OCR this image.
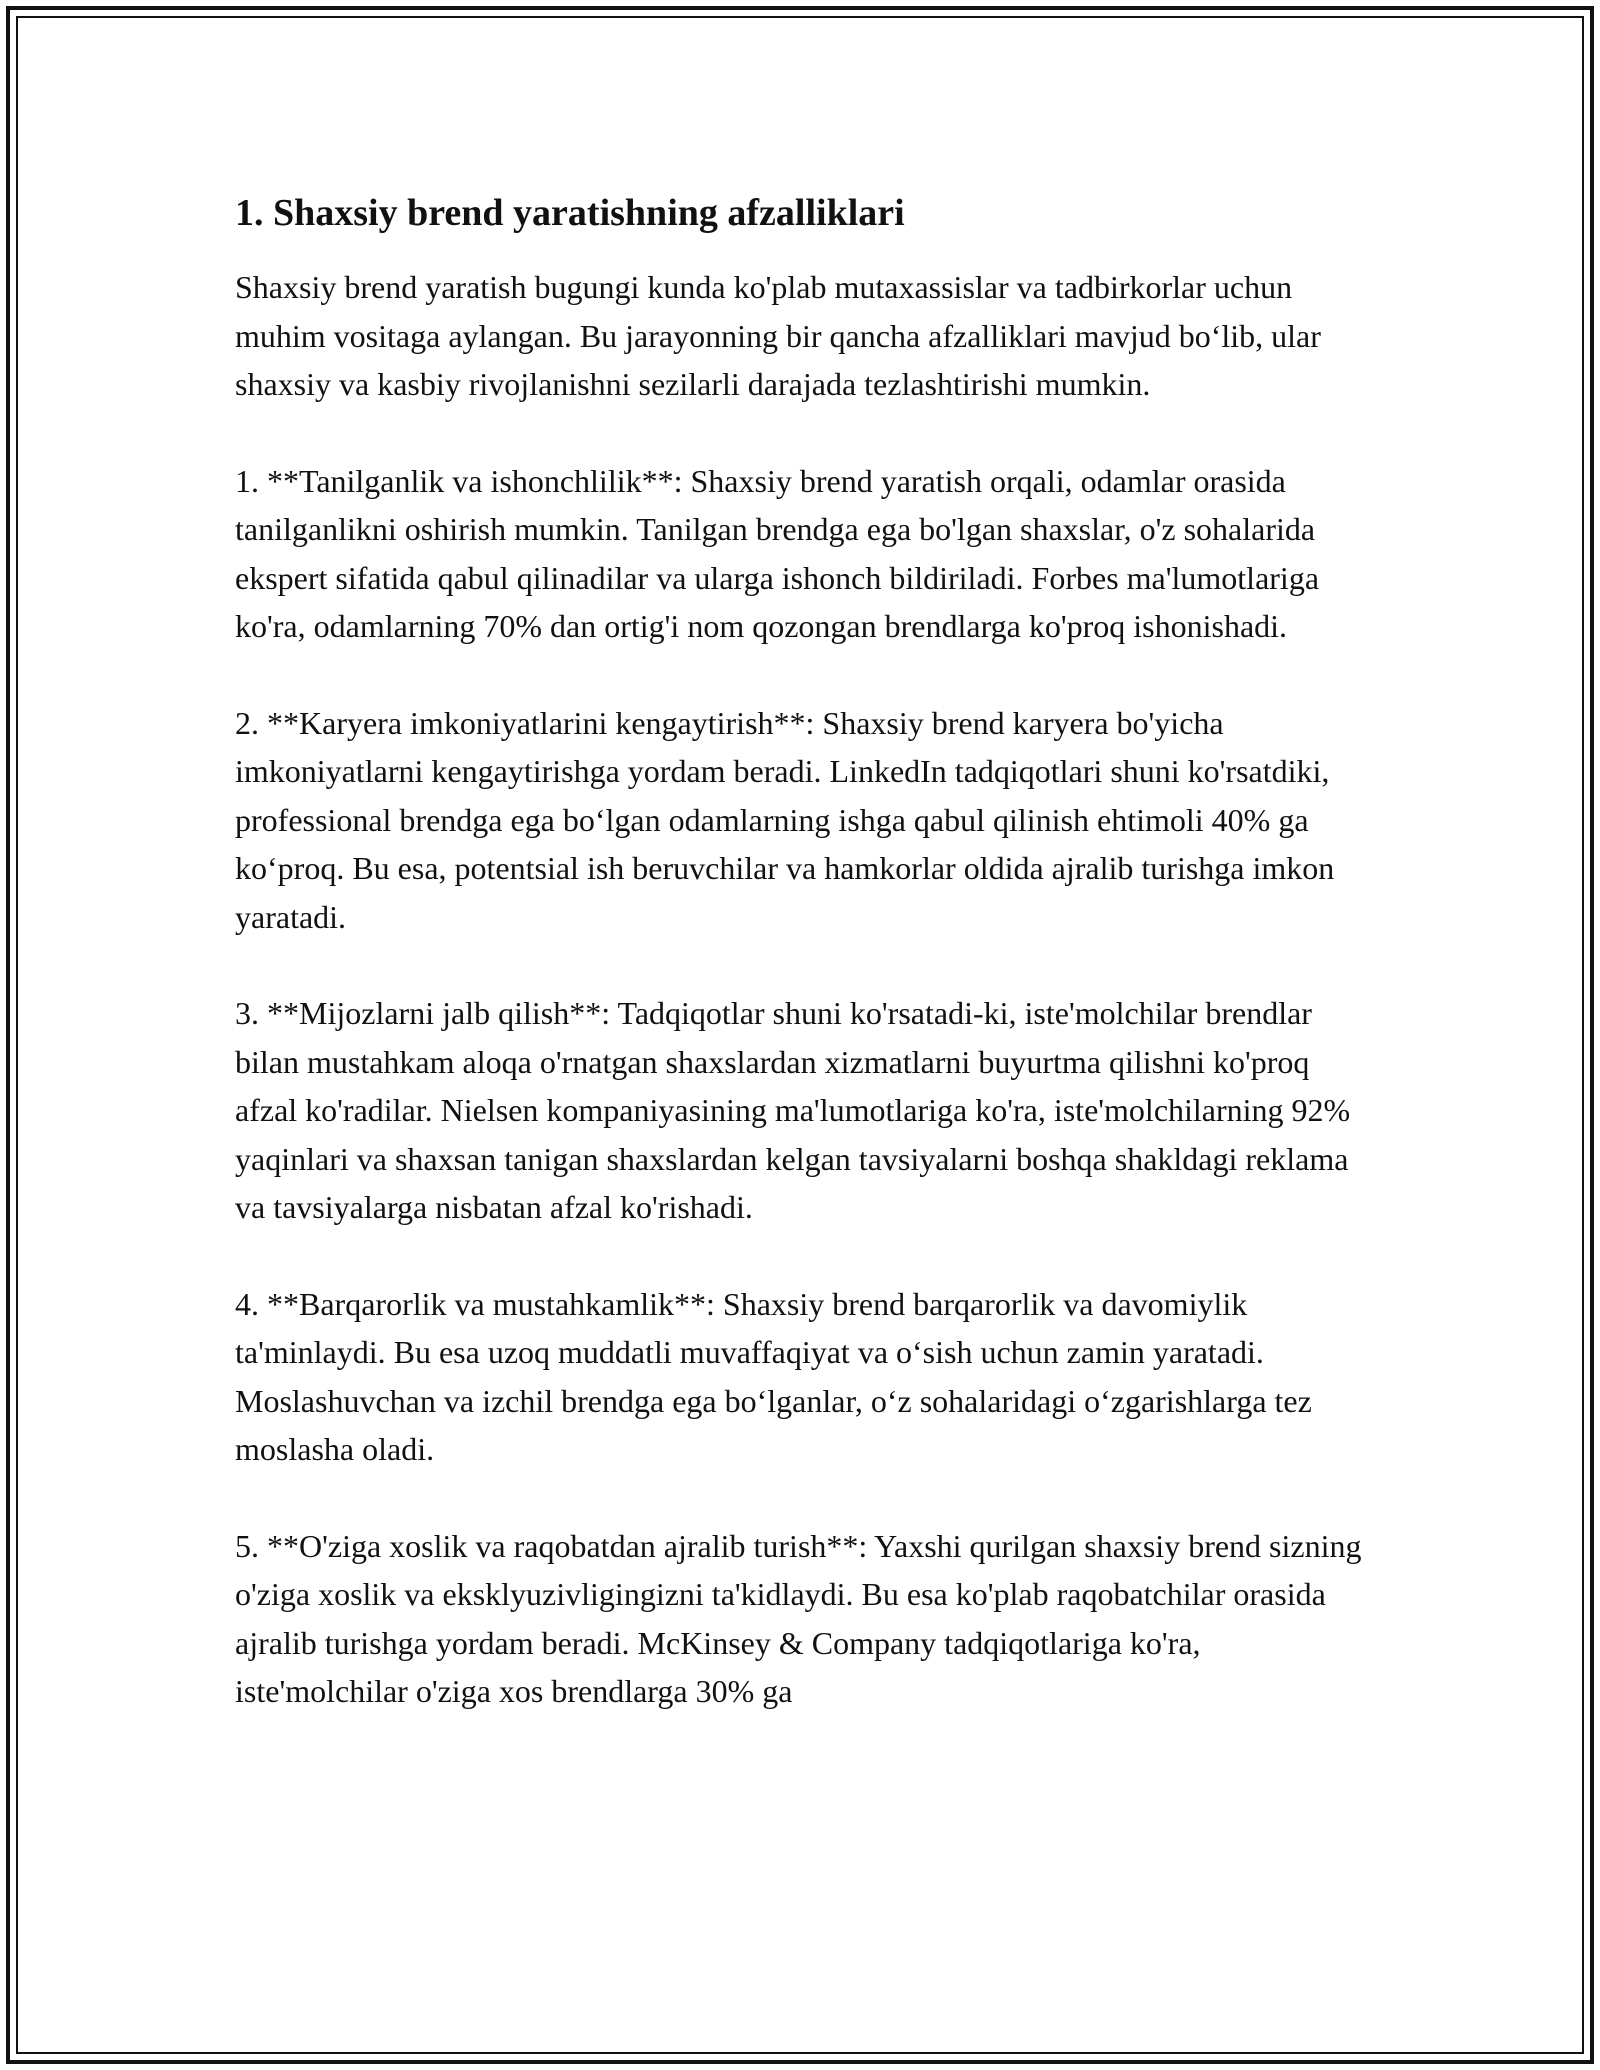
1. Shaxsiy brend yaratishning afzalliklari

Shaxsiy brend yaratish bugungi kunda ko'plab mutaxassislar va tadbirkorlar uchun muhim vositaga aylangan. Bu jarayonning bir qancha afzalliklari mavjud bo‘lib, ular shaxsiy va kasbiy rivojlanishni sezilarli darajada tezlashtirishi mumkin.

1. **Tanilganlik va ishonchlilik**: Shaxsiy brend yaratish orqali, odamlar orasida tanilganlikni oshirish mumkin. Tanilgan brendga ega bo'lgan shaxslar, o'z sohalarida ekspert sifatida qabul qilinadilar va ularga ishonch bildiriladi. Forbes ma'lumotlariga ko'ra, odamlarning 70% dan ortig'i nom qozongan brendlarga ko'proq ishonishadi.

2. **Karyera imkoniyatlarini kengaytirish**: Shaxsiy brend karyera bo'yicha imkoniyatlarni kengaytirishga yordam beradi. LinkedIn tadqiqotlari shuni ko'rsatdiki, professional brendga ega bo‘lgan odamlarning ishga qabul qilinish ehtimoli 40% ga ko‘proq. Bu esa, potentsial ish beruvchilar va hamkorlar oldida ajralib turishga imkon yaratadi.

3. **Mijozlarni jalb qilish**: Tadqiqotlar shuni ko'rsatadi-ki, iste'molchilar brendlar bilan mustahkam aloqa o'rnatgan shaxslardan xizmatlarni buyurtma qilishni ko'proq afzal ko'radilar. Nielsen kompaniyasining ma'lumotlariga ko'ra, iste'molchilarning 92% yaqinlari va shaxsan tanigan shaxslardan kelgan tavsiyalarni boshqa shakldagi reklama va tavsiyalarga nisbatan afzal ko'rishadi.

4. **Barqarorlik va mustahkamlik**: Shaxsiy brend barqarorlik va davomiylik ta'minlaydi. Bu esa uzoq muddatli muvaffaqiyat va o‘sish uchun zamin yaratadi. Moslashuvchan va izchil brendga ega bo‘lganlar, o‘z sohalaridagi o‘zgarishlarga tez moslasha oladi.

5. **O'ziga xoslik va raqobatdan ajralib turish**: Yaxshi qurilgan shaxsiy brend sizning o'ziga xoslik va eksklyuzivligingizni ta'kidlaydi. Bu esa ko'plab raqobatchilar orasida ajralib turishga yordam beradi. McKinsey & Company tadqiqotlariga ko'ra, iste'molchilar o'ziga xos brendlarga 30% ga
